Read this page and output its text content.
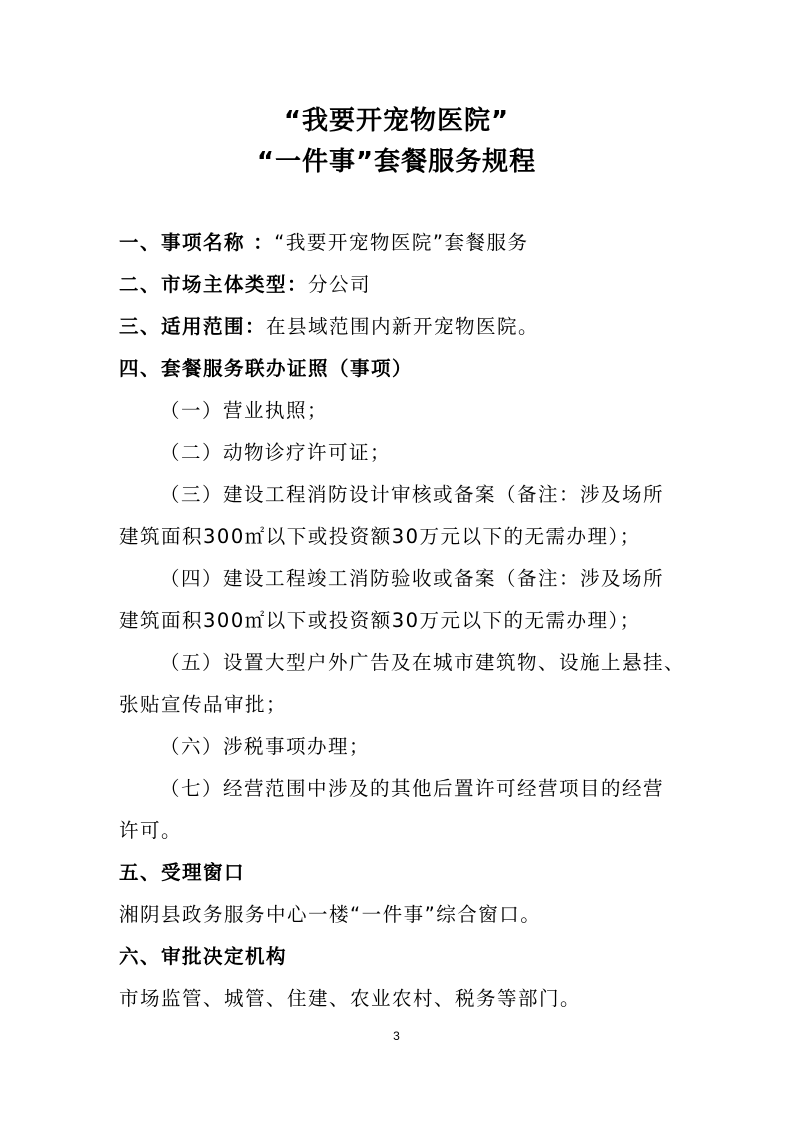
“我要开宠物医院”
“一件事”套餐服务规程
一、事项名称 ：“我要开宠物医院”套餐服务
二、市场主体类型：分公司
三、适用范围：在县域范围内新开宠物医院。
四、套餐服务联办证照（事项）
（一）营业执照；
（二）动物诊疗许可证；
（三）建设工程消防设计审核或备案（备注：涉及场所
建筑面积300㎡以下或投资额30万元以下的无需办理）；
（四）建设工程竣工消防验收或备案（备注：涉及场所
建筑面积300㎡以下或投资额30万元以下的无需办理）；
（五）设置大型户外广告及在城市建筑物、设施上悬挂、
张贴宣传品审批；
（六）涉税事项办理；
（七）经营范围中涉及的其他后置许可经营项目的经营
许可。
五、受理窗口
湘阴县政务服务中心一楼“一件事”综合窗口。
六、审批决定机构
市场监管、城管、住建、农业农村、税务等部门。
3
